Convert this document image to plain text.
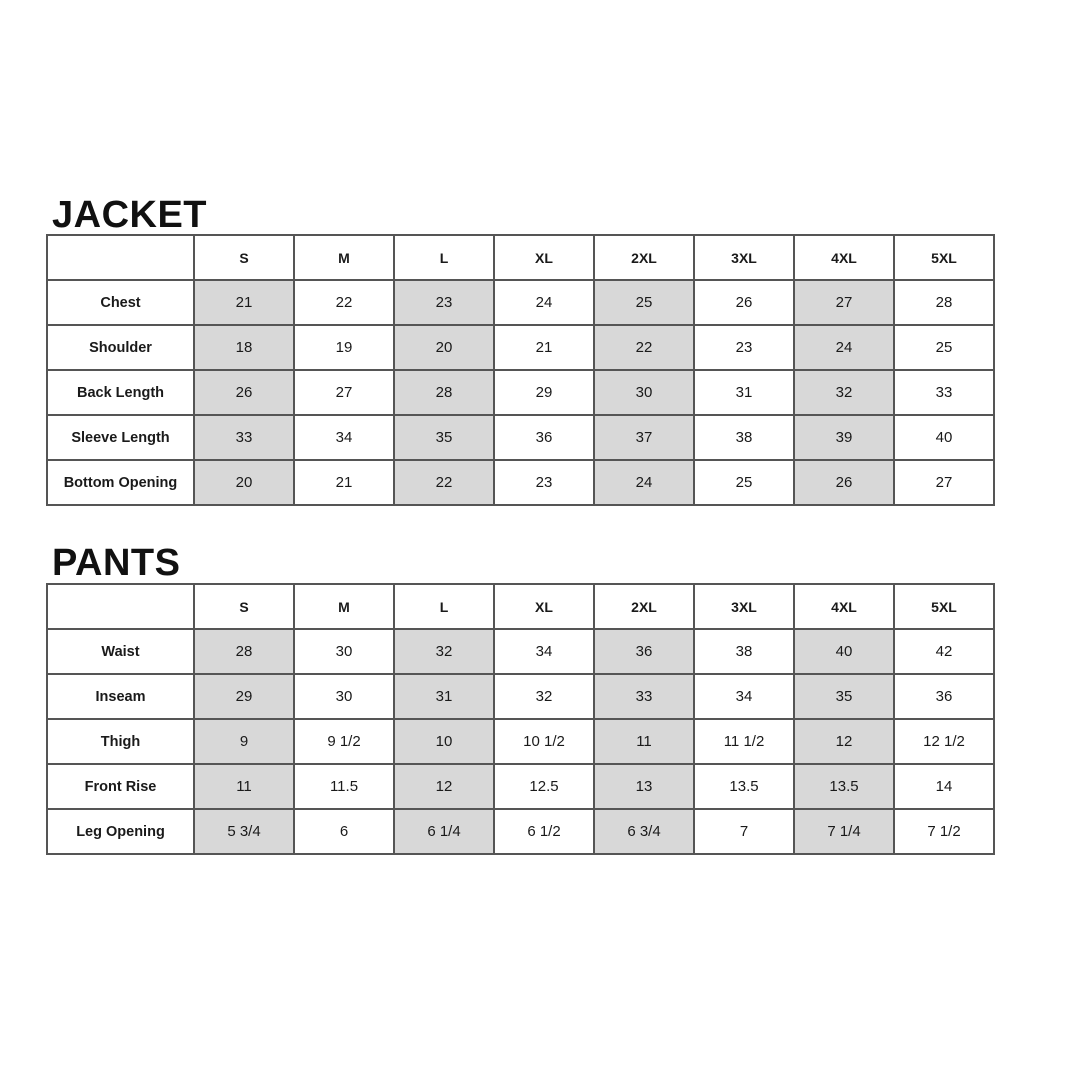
JACKET
	S	M	L	XL	2XL	3XL	4XL	5XL
Chest	21	22	23	24	25	26	27	28
Shoulder	18	19	20	21	22	23	24	25
Back Length	26	27	28	29	30	31	32	33
Sleeve Length	33	34	35	36	37	38	39	40
Bottom Opening	20	21	22	23	24	25	26	27
PANTS
	S	M	L	XL	2XL	3XL	4XL	5XL
Waist	28	30	32	34	36	38	40	42
Inseam	29	30	31	32	33	34	35	36
Thigh	9	9 1/2	10	10 1/2	11	11 1/2	12	12 1/2
Front Rise	11	11.5	12	12.5	13	13.5	13.5	14
Leg Opening	5 3/4	6	6 1/4	6 1/2	6 3/4	7	7 1/4	7 1/2
